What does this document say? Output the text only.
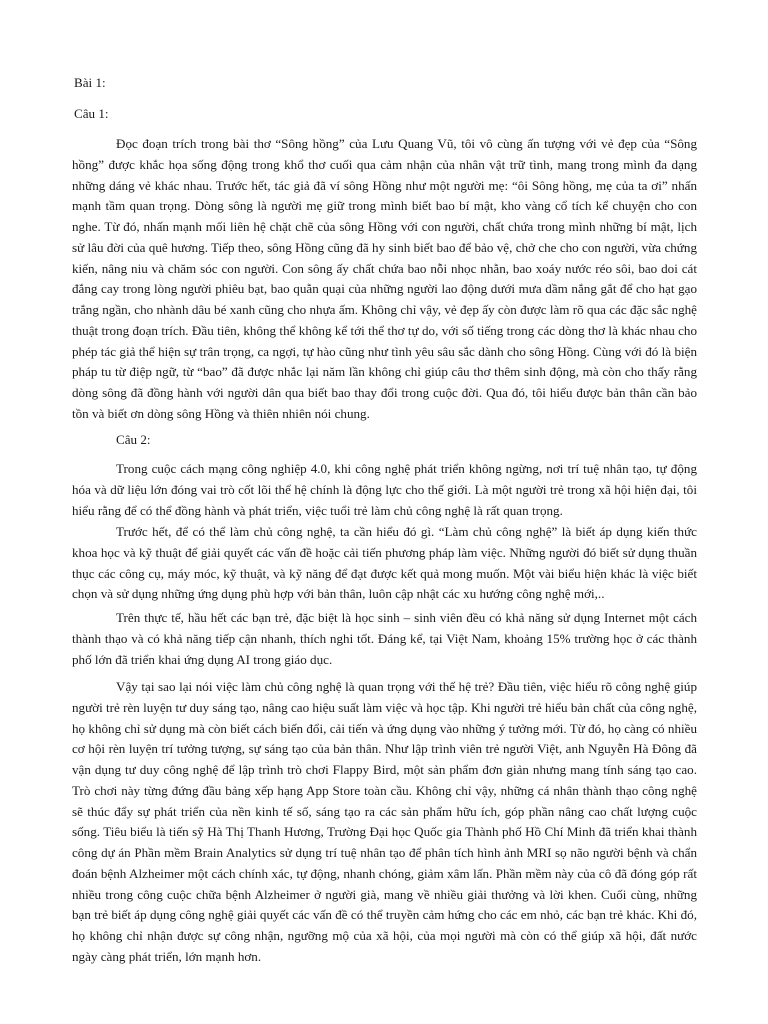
Bài 1:

Câu 1:

Đọc đoạn trích trong bài thơ “Sông hồng” của Lưu Quang Vũ, tôi vô cùng ấn tượng với vẻ đẹp của “Sông hồng” được khắc họa sống động trong khổ thơ cuối qua cảm nhận của nhân vật trữ tình, mang trong mình đa dạng những dáng vẻ khác nhau. Trước hết, tác giả đã ví sông Hồng như một người mẹ: “ôi Sông hồng, mẹ của ta ơi” nhấn mạnh tầm quan trọng. Dòng sông là người mẹ giữ trong mình biết bao bí mật, kho vàng cổ tích kể chuyện cho con nghe. Từ đó, nhấn mạnh mối liên hệ chặt chẽ của sông Hồng với con người, chất chứa trong mình những bí mật, lịch sử lâu đời của quê hương. Tiếp theo, sông Hồng cũng đã hy sinh biết bao để bảo vệ, chở che cho con người, vừa chứng kiến, nâng niu và chăm sóc con người. Con sông ấy chất chứa bao nỗi nhọc nhằn, bao xoáy nước réo sôi, bao doi cát đắng cay trong lòng người phiêu bạt, bao quằn quại của những người lao động dưới mưa dầm nắng gắt để cho hạt gạo trắng ngần, cho nhành dâu bé xanh cũng cho nhựa ấm. Không chỉ vậy, vẻ đẹp ấy còn được làm rõ qua các đặc sắc nghệ thuật trong đoạn trích. Đầu tiên, không thể không kể tới thể thơ tự do, với số tiếng trong các dòng thơ là khác nhau cho phép tác giả thể hiện sự trân trọng, ca ngợi, tự hào cũng như tình yêu sâu sắc dành cho sông Hồng. Cùng với đó là biện pháp tu từ điệp ngữ, từ “bao” đã được nhắc lại năm lần không chỉ giúp câu thơ thêm sinh động, mà còn cho thấy rằng dòng sông đã đồng hành với người dân qua biết bao thay đổi trong cuộc đời. Qua đó, tôi hiểu được bản thân cần bảo tồn và biết ơn dòng sông Hồng và thiên nhiên nói chung.

Câu 2:

Trong cuộc cách mạng công nghiệp 4.0, khi công nghệ phát triển không ngừng, nơi trí tuệ nhân tạo, tự động hóa và dữ liệu lớn đóng vai trò cốt lõi thể hệ chính là động lực cho thế giới. Là một người trẻ trong xã hội hiện đại, tôi hiểu rằng để có thể đồng hành và phát triển, việc tuổi trẻ làm chủ công nghệ là rất quan trọng.

Trước hết, để có thể làm chủ công nghệ, ta cần hiểu đó gì. “Làm chủ công nghệ” là biết áp dụng kiến thức khoa học và kỹ thuật để giải quyết các vấn đề hoặc cải tiến phương pháp làm việc. Những người đó biết sử dụng thuần thục các công cụ, máy móc, kỹ thuật, và kỹ năng để đạt được kết quả mong muốn. Một vài biểu hiện khác là việc biết chọn và sử dụng những ứng dụng phù hợp với bản thân, luôn cập nhật các xu hướng công nghệ mới,..

Trên thực tế, hầu hết các bạn trẻ, đặc biệt là học sinh – sinh viên đều có khả năng sử dụng Internet một cách thành thạo và có khả năng tiếp cận nhanh, thích nghi tốt. Đáng kể, tại Việt Nam, khoảng 15% trường học ở các thành phố lớn đã triển khai ứng dụng AI trong giáo dục.

Vậy tại sao lại nói việc làm chủ công nghệ là quan trọng với thế hệ trẻ? Đầu tiên, việc hiểu rõ công nghệ giúp người trẻ rèn luyện tư duy sáng tạo, nâng cao hiệu suất làm việc và học tập. Khi người trẻ hiểu bản chất của công nghệ, họ không chỉ sử dụng mà còn biết cách biến đổi, cải tiến và ứng dụng vào những ý tưởng mới. Từ đó, họ càng có nhiều cơ hội rèn luyện trí tưởng tượng, sự sáng tạo của bản thân. Như lập trình viên trẻ người Việt, anh Nguyễn Hà Đông đã vận dụng tư duy công nghệ để lập trình trò chơi Flappy Bird, một sản phẩm đơn giản nhưng mang tính sáng tạo cao. Trò chơi này từng đứng đầu bảng xếp hạng App Store toàn cầu. Không chỉ vậy, những cá nhân thành thạo công nghệ sẽ thúc đẩy sự phát triển của nền kinh tế số, sáng tạo ra các sản phẩm hữu ích, góp phần nâng cao chất lượng cuộc sống. Tiêu biểu là tiến sỹ Hà Thị Thanh Hương, Trường Đại học Quốc gia Thành phố Hồ Chí Minh đã triển khai thành công dự án Phần mềm Brain Analytics sử dụng trí tuệ nhân tạo để phân tích hình ảnh MRI sọ não người bệnh và chẩn đoán bệnh Alzheimer một cách chính xác, tự động, nhanh chóng, giảm xâm lấn. Phần mềm này của cô đã đóng góp rất nhiều trong công cuộc chữa bệnh Alzheimer ở người già, mang về nhiều giải thưởng và lời khen. Cuối cùng, những bạn trẻ biết áp dụng công nghệ giải quyết các vấn đề có thể truyền cảm hứng cho các em nhỏ, các bạn trẻ khác. Khi đó, họ không chỉ nhận được sự công nhận, ngưỡng mộ của xã hội, của mọi người mà còn có thể giúp xã hội, đất nước ngày càng phát triển, lớn mạnh hơn.
